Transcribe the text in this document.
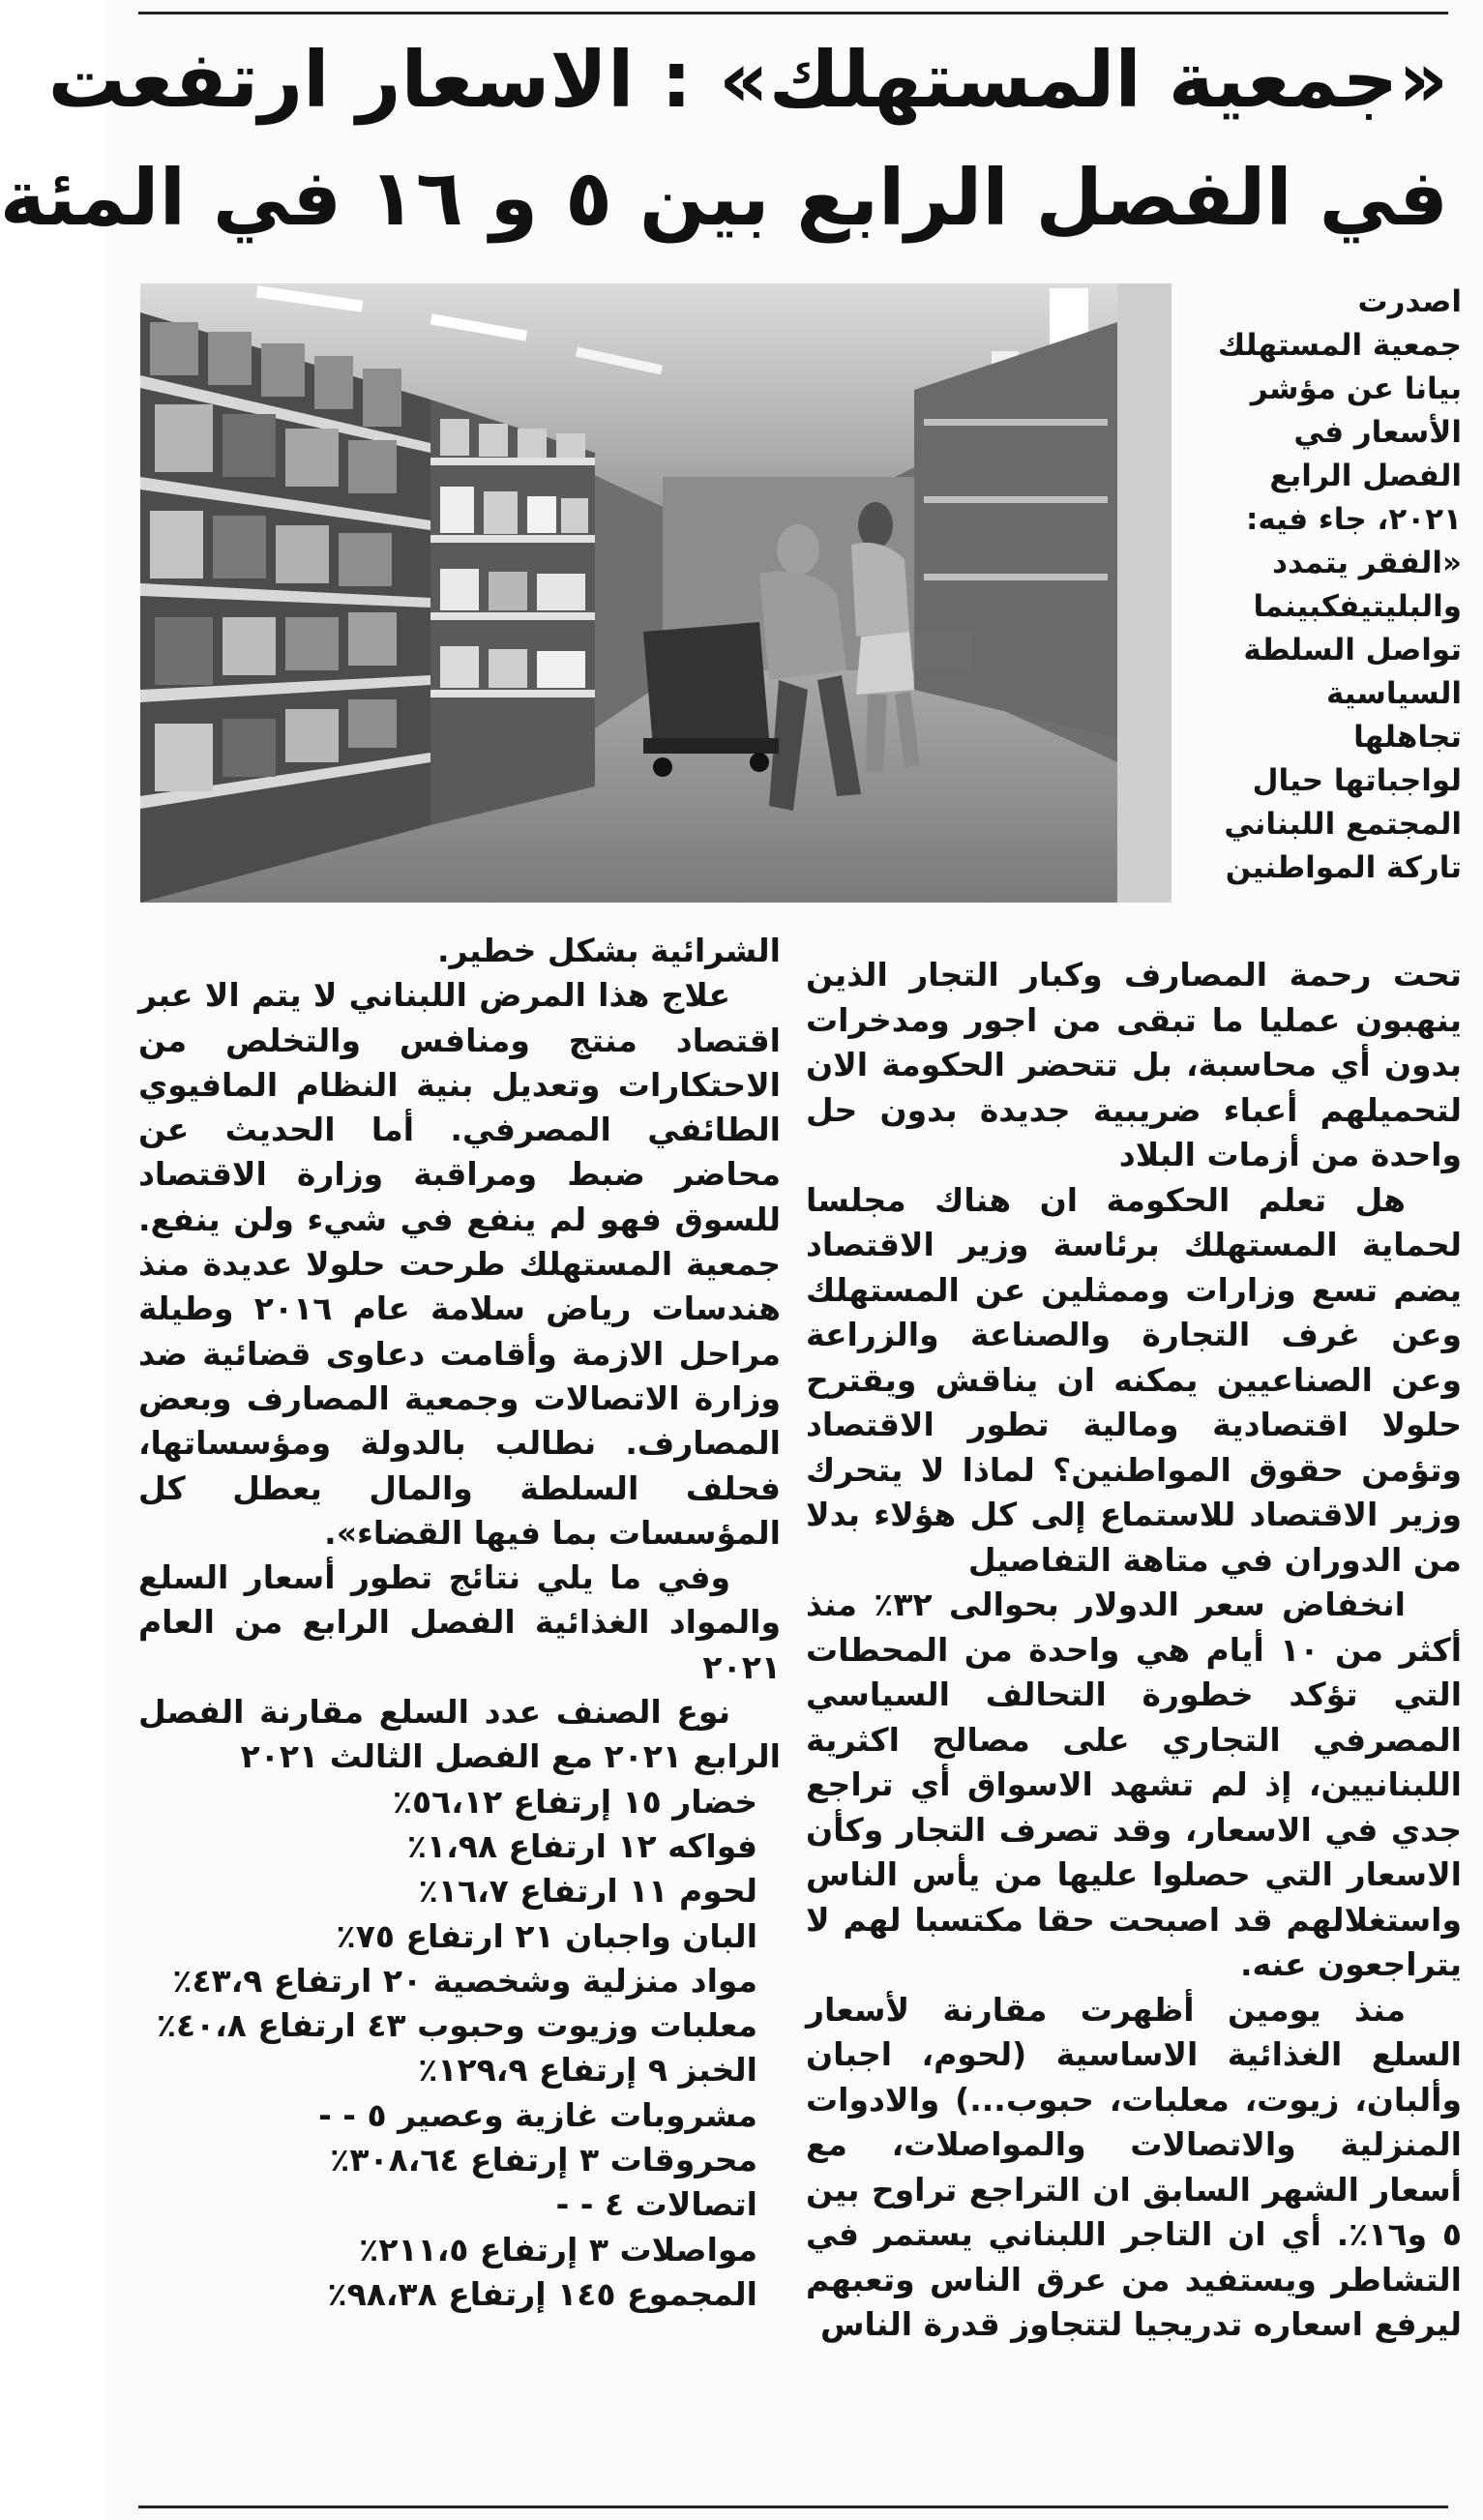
«جمعية المستهلك» : الاسعار ارتفعت
في الفصل الرابع بين ٥ و ١٦ في المئة

اصدرت

جمعية المستهلك

بيانا عن مؤشر

الأسعار في

الفصل الرابع

٢٠٢١، جاء فيه:

«الفقر يتمدد

والبليتيفكبينما

تواصل السلطة

السياسية

تجاهلها

لواجباتها حيال

المجتمع اللبناني

تاركة المواطنين

تحت رحمة المصارف وكبار التجار الذين ينهبون عمليا ما تبقى من اجور ومدخرات بدون أي محاسبة، بل تتحضر الحكومة الان لتحميلهم أعباء ضريبية جديدة بدون حل واحدة من أزمات البلاد

هل تعلم الحكومة ان هناك مجلسا لحماية المستهلك برئاسة وزير الاقتصاد يضم تسع وزارات وممثلين عن المستهلك وعن غرف التجارة والصناعة والزراعة وعن الصناعيين يمكنه ان يناقش ويقترح حلولا اقتصادية ومالية تطور الاقتصاد وتؤمن حقوق المواطنين؟ لماذا لا يتحرك وزير الاقتصاد للاستماع إلى كل هؤلاء بدلا من الدوران في متاهة التفاصيل

انخفاض سعر الدولار بحوالى ٣٢٪ منذ أكثر من ١٠ أيام هي واحدة من المحطات التي تؤكد خطورة التحالف السياسي المصرفي التجاري على مصالح اكثرية اللبنانيين، إذ لم تشهد الاسواق أي تراجع جدي في الاسعار، وقد تصرف التجار وكأن الاسعار التي حصلوا عليها من يأس الناس واستغلالهم قد اصبحت حقا مكتسبا لهم لا يتراجعون عنه.

منذ يومين أظهرت مقارنة لأسعار السلع الغذائية الاساسية (لحوم، اجبان وألبان، زيوت، معلبات، حبوب...) والادوات المنزلية والاتصالات والمواصلات، مع أسعار الشهر السابق ان التراجع تراوح بين ٥ و١٦٪. أي ان التاجر اللبناني يستمر في التشاطر ويستفيد من عرق الناس وتعبهم ليرفع اسعاره تدريجيا لتتجاوز قدرة الناس

الشرائية بشكل خطير.

علاج هذا المرض اللبناني لا يتم الا عبر اقتصاد منتج ومنافس والتخلص من الاحتكارات وتعديل بنية النظام المافيوي الطائفي المصرفي. أما الحديث عن محاضر ضبط ومراقبة وزارة الاقتصاد للسوق فهو لم ينفع في شيء ولن ينفع. جمعية المستهلك طرحت حلولا عديدة منذ هندسات رياض سلامة عام ٢٠١٦ وطيلة مراحل الازمة وأقامت دعاوى قضائية ضد وزارة الاتصالات وجمعية المصارف وبعض المصارف. نطالب بالدولة ومؤسساتها، فحلف السلطة والمال يعطل كل المؤسسات بما فيها القضاء».

وفي ما يلي نتائج تطور أسعار السلع والمواد الغذائية الفصل الرابع من العام ٢٠٢١

نوع الصنف عدد السلع مقارنة الفصل الرابع ٢٠٢١ مع الفصل الثالث ٢٠٢١

خضار ١٥ إرتفاع ٥٦،١٢٪

فواكه ١٢ ارتفاع ١،٩٨٪

لحوم ١١ ارتفاع ١٦،٧٪

البان واجبان ٢١ ارتفاع ٧٥٪

مواد منزلية وشخصية ٢٠ ارتفاع ٤٣،٩٪

معلبات وزيوت وحبوب ٤٣ ارتفاع ٤٠،٨٪

الخبز ٩ إرتفاع ١٢٩،٩٪

مشروبات غازية وعصير ٥ - -

محروقات ٣ إرتفاع ٣٠٨،٦٤٪

اتصالات ٤ - -

مواصلات ٣ إرتفاع ٢١١،٥٪

المجموع ١٤٥ إرتفاع ٩٨،٣٨٪
